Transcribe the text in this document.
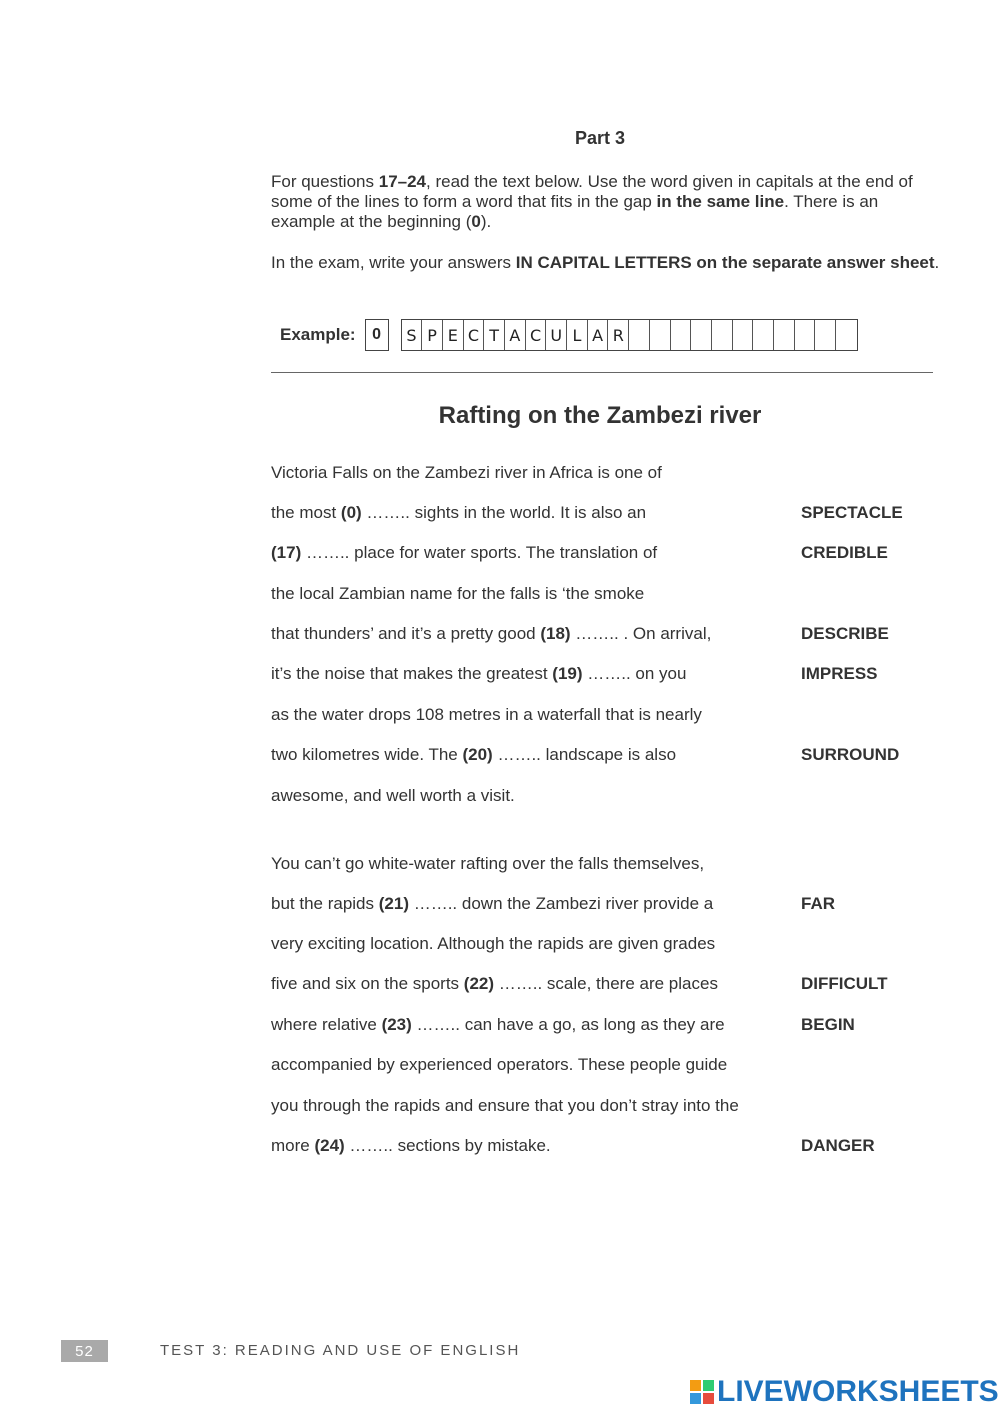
Part 3
For questions 17–24, read the text below. Use the word given in capitals at the end of some of the lines to form a word that fits in the gap in the same line. There is an example at the beginning (0).
In the exam, write your answers IN CAPITAL LETTERS on the separate answer sheet.
Example:	0	S P E C T A C U L A R
Rafting on the Zambezi river
Victoria Falls on the Zambezi river in Africa is one of
the most (0) …….. sights in the world. It is also an	SPECTACLE
(17) …….. place for water sports. The translation of	CREDIBLE
the local Zambian name for the falls is ‘the smoke
that thunders’ and it’s a pretty good (18) …….. . On arrival,	DESCRIBE
it’s the noise that makes the greatest (19) …….. on you	IMPRESS
as the water drops 108 metres in a waterfall that is nearly
two kilometres wide. The (20) …….. landscape is also	SURROUND
awesome, and well worth a visit.
You can’t go white-water rafting over the falls themselves,
but the rapids (21) …….. down the Zambezi river provide a	FAR
very exciting location. Although the rapids are given grades
five and six on the sports (22) …….. scale, there are places	DIFFICULT
where relative (23) …….. can have a go, as long as they are	BEGIN
accompanied by experienced operators. These people guide
you through the rapids and ensure that you don’t stray into the
more (24) …….. sections by mistake.	DANGER
52	TEST 3: READING AND USE OF ENGLISH
LIVEWORKSHEETS
